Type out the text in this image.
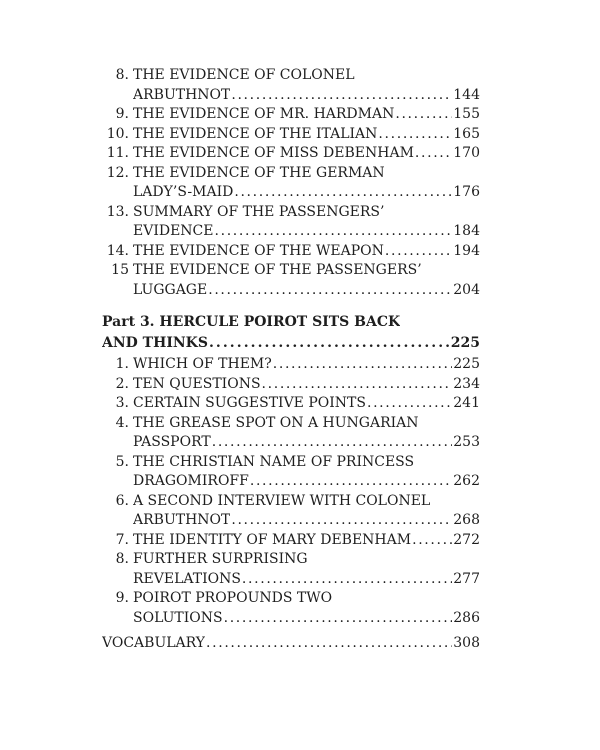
8. THE EVIDENCE OF COLONEL
ARBUTHNOT . . .	144
9. THE EVIDENCE OF MR. HARDMAN . . .	155
10. THE EVIDENCE OF THE ITALIAN . . .	165
11. THE EVIDENCE OF MISS DEBENHAM . . .	170
12. THE EVIDENCE OF THE GERMAN
LADY’S-MAID . . .	176
13. SUMMARY OF THE PASSENGERS’
EVIDENCE . . .	184
14. THE EVIDENCE OF THE WEAPON . . .	194
15 THE EVIDENCE OF THE PASSENGERS’
LUGGAGE . . .	204
Part 3. HERCULE POIROT SITS BACK
AND THINKS . . .	225
1. WHICH OF THEM? . . .	225
2. TEN QUESTIONS . . .	234
3. CERTAIN SUGGESTIVE POINTS . . .	241
4. THE GREASE SPOT ON A HUNGARIAN
PASSPORT . . .	253
5. THE CHRISTIAN NAME OF PRINCESS
DRAGOMIROFF . . .	262
6. A SECOND INTERVIEW WITH COLONEL
ARBUTHNOT . . .	268
7. THE IDENTITY OF MARY DEBENHAM . . .	272
8. FURTHER SURPRISING
REVELATIONS . . .	277
9. POIROT PROPOUNDS TWO
SOLUTIONS . . .	286
VOCABULARY . . .	308
